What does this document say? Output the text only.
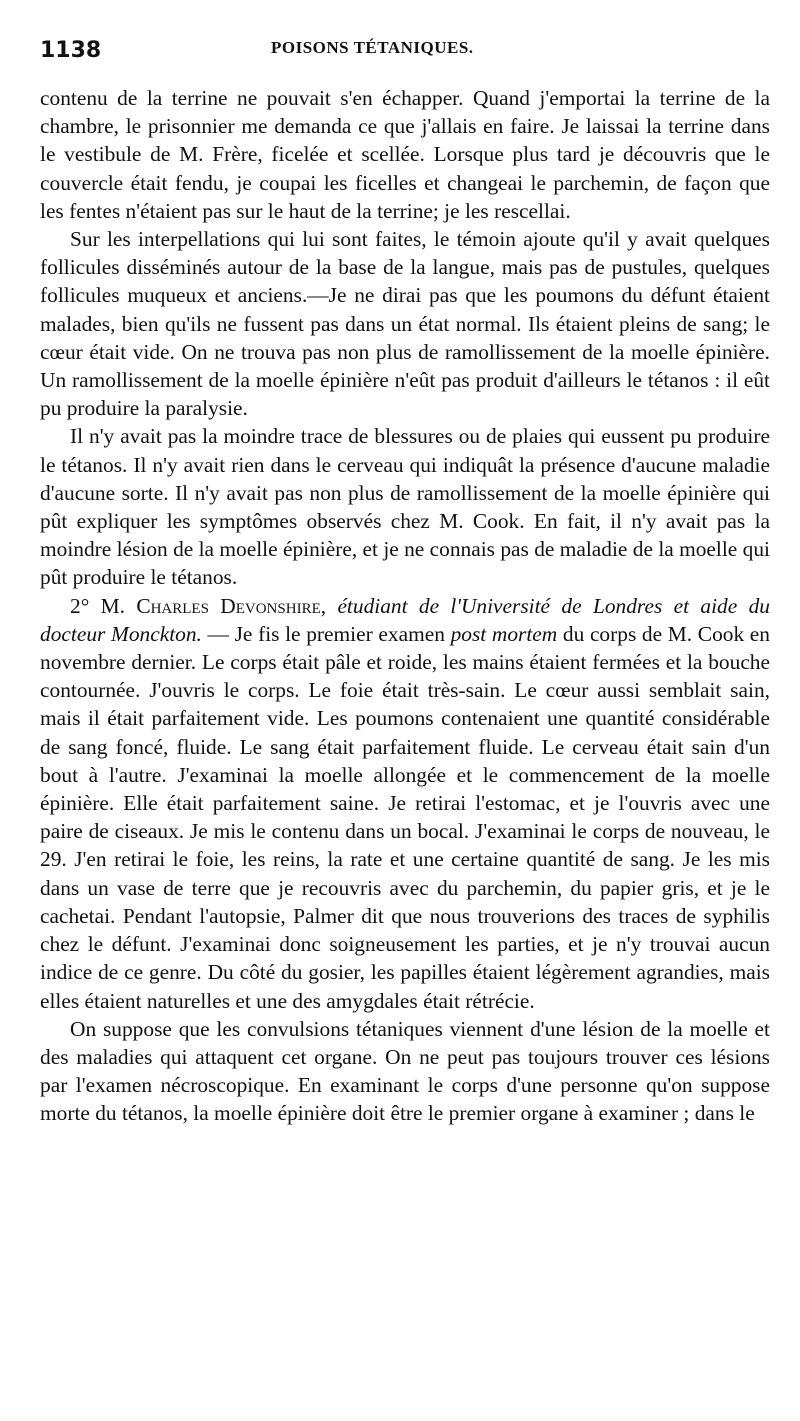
1138	POISONS TÉTANIQUES.

contenu de la terrine ne pouvait s'en échapper. Quand j'emportai la terrine de la chambre, le prisonnier me demanda ce que j'allais en faire. Je laissai la terrine dans le vestibule de M. Frère, ficelée et scellée. Lorsque plus tard je découvris que le couvercle était fendu, je coupai les ficelles et changeai le parchemin, de façon que les fentes n'étaient pas sur le haut de la terrine; je les rescellai.

Sur les interpellations qui lui sont faites, le témoin ajoute qu'il y avait quelques follicules disséminés autour de la base de la langue, mais pas de pustules, quelques follicules muqueux et anciens.—Je ne dirai pas que les poumons du défunt étaient malades, bien qu'ils ne fussent pas dans un état normal. Ils étaient pleins de sang; le cœur était vide. On ne trouva pas non plus de ramollissement de la moelle épinière. Un ramollissement de la moelle épinière n'eût pas produit d'ailleurs le tétanos : il eût pu produire la paralysie.

Il n'y avait pas la moindre trace de blessures ou de plaies qui eussent pu produire le tétanos. Il n'y avait rien dans le cerveau qui indiquât la présence d'aucune maladie d'aucune sorte. Il n'y avait pas non plus de ramollissement de la moelle épinière qui pût expliquer les symptômes observés chez M. Cook. En fait, il n'y avait pas la moindre lésion de la moelle épinière, et je ne connais pas de maladie de la moelle qui pût produire le tétanos.

2° M. Charles Devonshire, étudiant de l'Université de Londres et aide du docteur Monckton. — Je fis le premier examen post mortem du corps de M. Cook en novembre dernier. Le corps était pâle et roide, les mains étaient fermées et la bouche contournée. J'ouvris le corps. Le foie était très-sain. Le cœur aussi semblait sain, mais il était parfaitement vide. Les poumons contenaient une quantité considérable de sang foncé, fluide. Le sang était parfaitement fluide. Le cerveau était sain d'un bout à l'autre. J'examinai la moelle allongée et le commencement de la moelle épinière. Elle était parfaitement saine. Je retirai l'estomac, et je l'ouvris avec une paire de ciseaux. Je mis le contenu dans un bocal. J'examinai le corps de nouveau, le 29. J'en retirai le foie, les reins, la rate et une certaine quantité de sang. Je les mis dans un vase de terre que je recouvris avec du parchemin, du papier gris, et je le cachetai. Pendant l'autopsie, Palmer dit que nous trouverions des traces de syphilis chez le défunt. J'examinai donc soigneusement les parties, et je n'y trouvai aucun indice de ce genre. Du côté du gosier, les papilles étaient légèrement agrandies, mais elles étaient naturelles et une des amygdales était rétrécie.

On suppose que les convulsions tétaniques viennent d'une lésion de la moelle et des maladies qui attaquent cet organe. On ne peut pas toujours trouver ces lésions par l'examen nécroscopique. En examinant le corps d'une personne qu'on suppose morte du tétanos, la moelle épinière doit être le premier organe à examiner ; dans le
